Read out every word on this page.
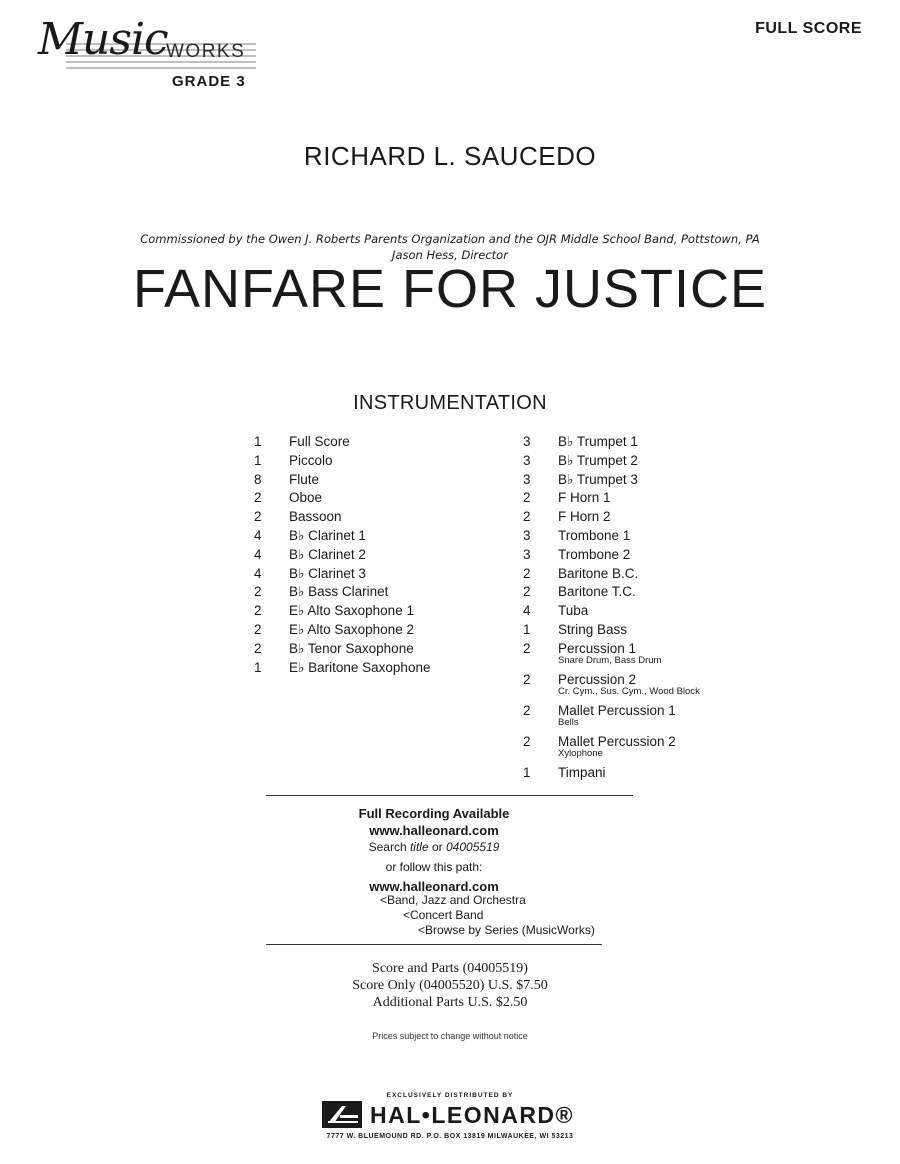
Music
WORKS
GRADE 3
FULL SCORE
RICHARD L. SAUCEDO
Commissioned by the Owen J. Roberts Parents Organization and the OJR Middle School Band, Pottstown, PA
Jason Hess, Director
FANFARE FOR JUSTICE
INSTRUMENTATION
1 Full Score
1 Piccolo
8 Flute
2 Oboe
2 Bassoon
4 B♭ Clarinet 1
4 B♭ Clarinet 2
4 B♭ Clarinet 3
2 B♭ Bass Clarinet
2 E♭ Alto Saxophone 1
2 E♭ Alto Saxophone 2
2 B♭ Tenor Saxophone
1 E♭ Baritone Saxophone
3 B♭ Trumpet 1
3 B♭ Trumpet 2
3 B♭ Trumpet 3
2 F Horn 1
2 F Horn 2
3 Trombone 1
3 Trombone 2
2 Baritone B.C.
2 Baritone T.C.
4 Tuba
1 String Bass
2 Percussion 1
Snare Drum, Bass Drum
2 Percussion 2
Cr. Cym., Sus. Cym., Wood Block
2 Mallet Percussion 1
Bells
2 Mallet Percussion 2
Xylophone
1 Timpani
Full Recording Available
www.halleonard.com
Search title or 04005519
or follow this path:
www.halleonard.com
<Band, Jazz and Orchestra
<Concert Band
<Browse by Series (MusicWorks)
Score and Parts (04005519)
Score Only (04005520) U.S. $7.50
Additional Parts U.S. $2.50
Prices subject to change without notice
EXCLUSIVELY DISTRIBUTED BY
HAL•LEONARD®
7777 W. BLUEMOUND RD. P.O. BOX 13819 MILWAUKEE, WI 53213
